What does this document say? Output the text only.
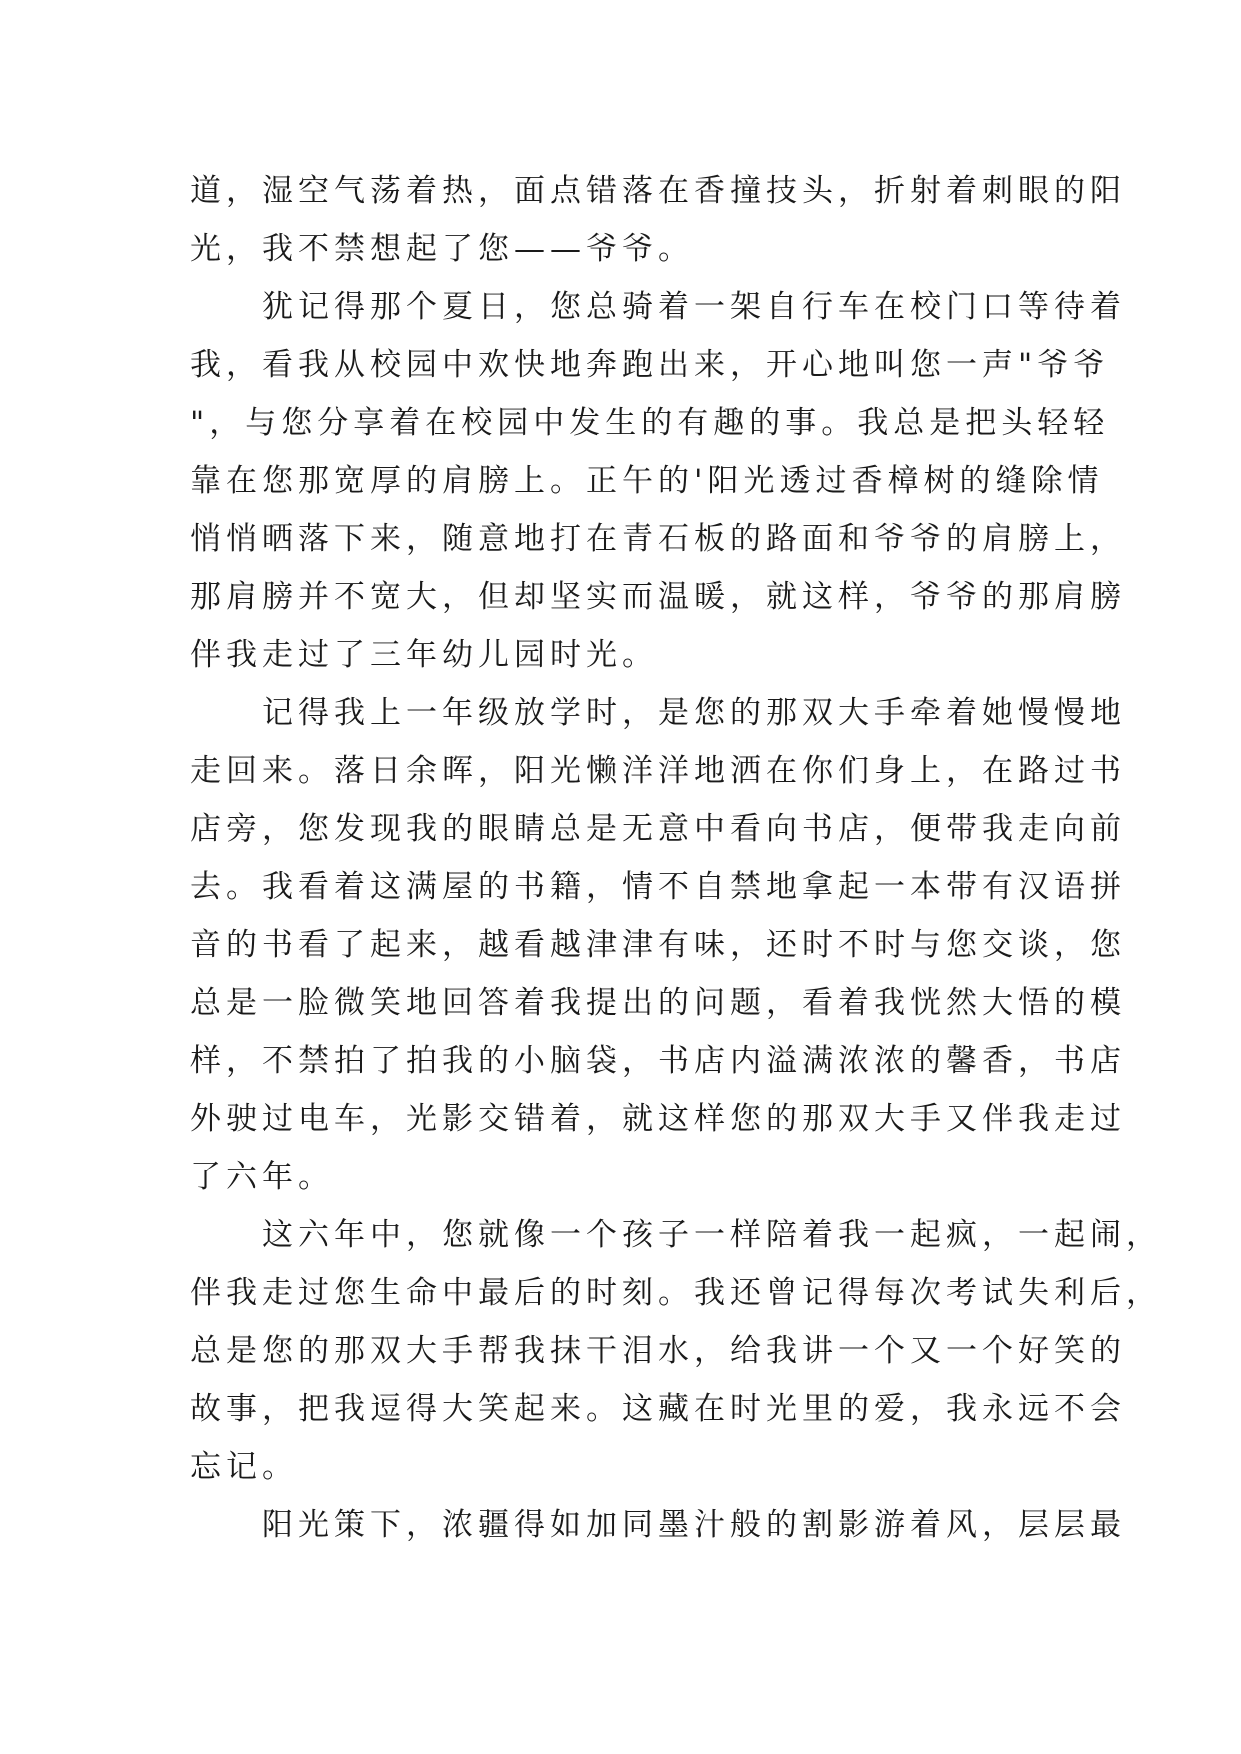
道，湿空气荡着热，面点错落在香撞技头，折射着刺眼的阳
光，我不禁想起了您——爷爷。
犹记得那个夏日，您总骑着一架自行车在校门口等待着
我，看我从校园中欢快地奔跑出来，开心地叫您一声"爷爷
"，与您分享着在校园中发生的有趣的事。我总是把头轻轻
靠在您那宽厚的肩膀上。正午的'阳光透过香樟树的缝除情
悄悄晒落下来，随意地打在青石板的路面和爷爷的肩膀上，
那肩膀并不宽大，但却坚实而温暖，就这样，爷爷的那肩膀
伴我走过了三年幼儿园时光。
记得我上一年级放学时，是您的那双大手牵着她慢慢地
走回来。落日余晖，阳光懒洋洋地洒在你们身上，在路过书
店旁，您发现我的眼睛总是无意中看向书店，便带我走向前
去。我看着这满屋的书籍，情不自禁地拿起一本带有汉语拼
音的书看了起来，越看越津津有味，还时不时与您交谈，您
总是一脸微笑地回答着我提出的问题，看着我恍然大悟的模
样，不禁拍了拍我的小脑袋，书店内溢满浓浓的馨香，书店
外驶过电车，光影交错着，就这样您的那双大手又伴我走过
了六年。
这六年中，您就像一个孩子一样陪着我一起疯，一起闹，
伴我走过您生命中最后的时刻。我还曾记得每次考试失利后，
总是您的那双大手帮我抹干泪水，给我讲一个又一个好笑的
故事，把我逗得大笑起来。这藏在时光里的爱，我永远不会
忘记。
阳光策下，浓疆得如加同墨汁般的割影游着风，层层最
